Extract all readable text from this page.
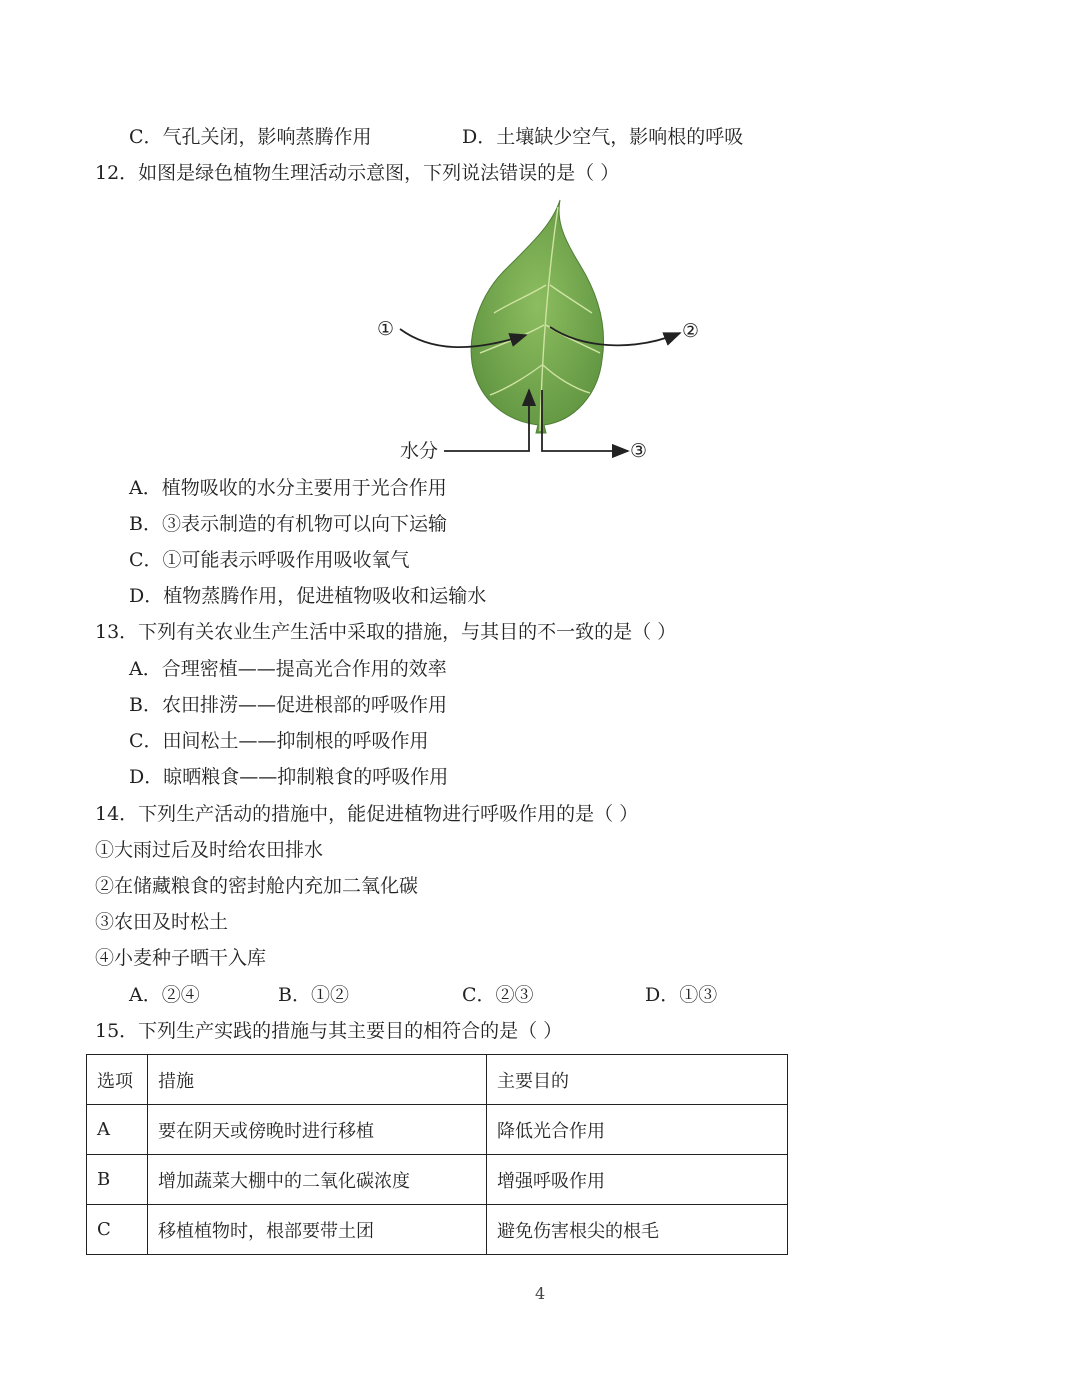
C．气孔关闭，影响蒸腾作用	D．土壤缺少空气，影响根的呼吸
12．如图是绿色植物生理活动示意图，下列说法错误的是（ ）
①	②
水分	③
A．植物吸收的水分主要用于光合作用
B．③表示制造的有机物可以向下运输
C．①可能表示呼吸作用吸收氧气
D．植物蒸腾作用，促进植物吸收和运输水
13．下列有关农业生产生活中采取的措施，与其目的不一致的是（ ）
A．合理密植——提高光合作用的效率
B．农田排涝——促进根部的呼吸作用
C．田间松土——抑制根的呼吸作用
D．晾晒粮食——抑制粮食的呼吸作用
14．下列生产活动的措施中，能促进植物进行呼吸作用的是（ ）
①大雨过后及时给农田排水
②在储藏粮食的密封舱内充加二氧化碳
③农田及时松土
④小麦种子晒干入库
A．②④	B．①②	C．②③	D．①③
15．下列生产实践的措施与其主要目的相符合的是（ ）
选项	措施	主要目的
A	要在阴天或傍晚时进行移植	降低光合作用
B	增加蔬菜大棚中的二氧化碳浓度	增强呼吸作用
C	移植植物时，根部要带土团	避免伤害根尖的根毛
4
